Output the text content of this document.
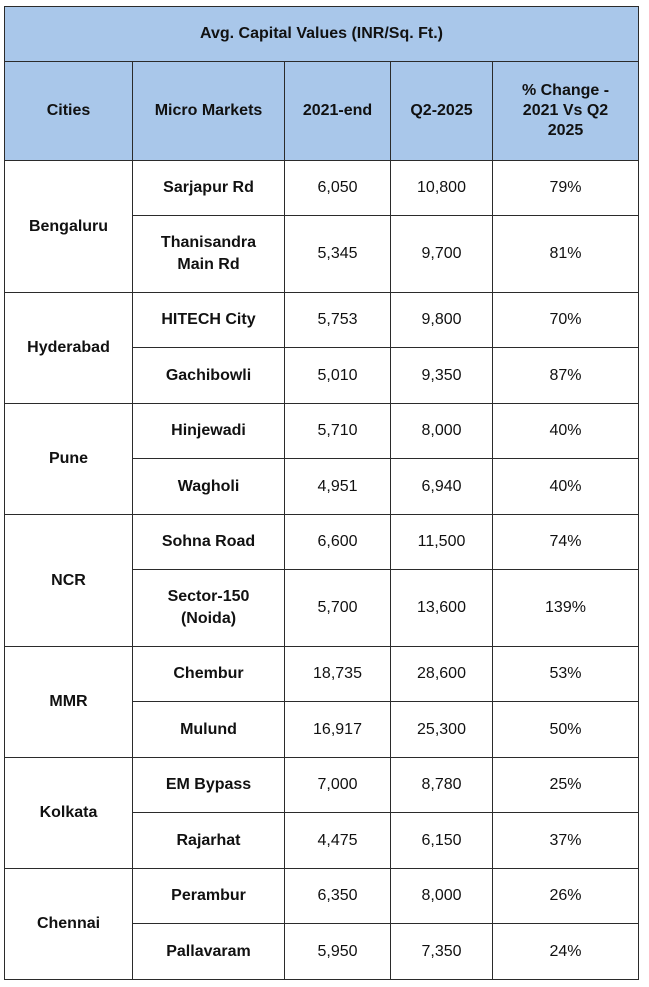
Avg. Capital Values (INR/Sq. Ft.)				
Cities	Micro Markets	2021-end	Q2-2025	% Change - 2021 Vs Q2 2025
Bengaluru	Sarjapur Rd	6,050	10,800	79%
	Thanisandra Main Rd	5,345	9,700	81%
Hyderabad	HITECH City	5,753	9,800	70%
	Gachibowli	5,010	9,350	87%
Pune	Hinjewadi	5,710	8,000	40%
	Wagholi	4,951	6,940	40%
NCR	Sohna Road	6,600	11,500	74%
	Sector-150 (Noida)	5,700	13,600	139%
MMR	Chembur	18,735	28,600	53%
	Mulund	16,917	25,300	50%
Kolkata	EM Bypass	7,000	8,780	25%
	Rajarhat	4,475	6,150	37%
Chennai	Perambur	6,350	8,000	26%
	Pallavaram	5,950	7,350	24%
